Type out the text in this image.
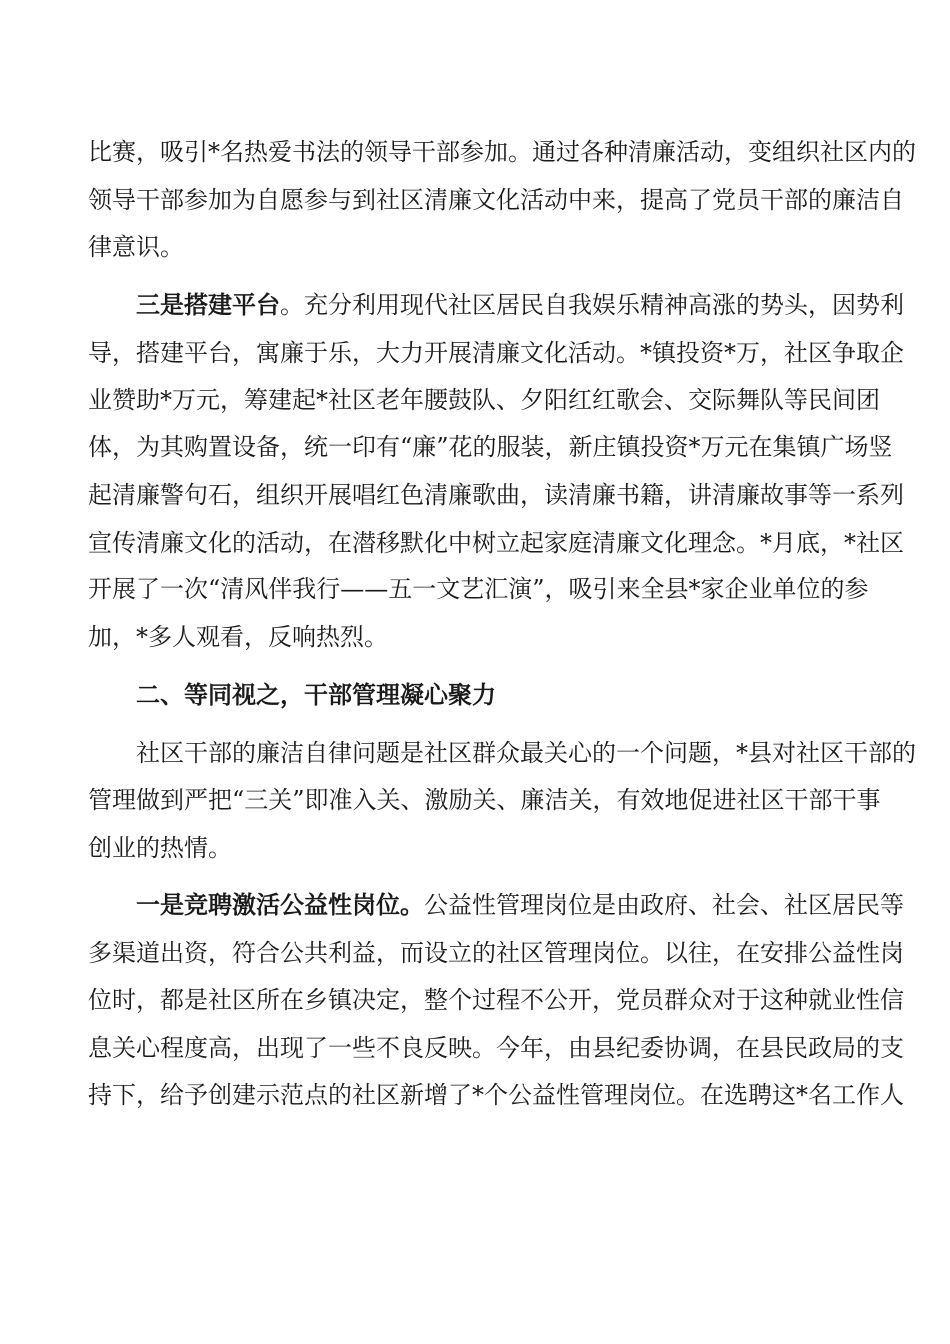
比赛，吸引*名热爱书法的领导干部参加。通过各种清廉活动，变组织社区内的
领导干部参加为自愿参与到社区清廉文化活动中来，提高了党员干部的廉洁自
律意识。
三是搭建平台。充分利用现代社区居民自我娱乐精神高涨的势头，因势利
导，搭建平台，寓廉于乐，大力开展清廉文化活动。*镇投资*万，社区争取企
业赞助*万元，筹建起*社区老年腰鼓队、夕阳红红歌会、交际舞队等民间团
体，为其购置设备，统一印有“廉”花的服装，新庄镇投资*万元在集镇广场竖
起清廉警句石，组织开展唱红色清廉歌曲，读清廉书籍，讲清廉故事等一系列
宣传清廉文化的活动，在潜移默化中树立起家庭清廉文化理念。*月底，*社区
开展了一次“清风伴我行——五一文艺汇演”，吸引来全县*家企业单位的参
加，*多人观看，反响热烈。
二、等同视之，干部管理凝心聚力
社区干部的廉洁自律问题是社区群众最关心的一个问题，*县对社区干部的
管理做到严把“三关”即准入关、激励关、廉洁关，有效地促进社区干部干事
创业的热情。
一是竞聘激活公益性岗位。公益性管理岗位是由政府、社会、社区居民等
多渠道出资，符合公共利益，而设立的社区管理岗位。以往，在安排公益性岗
位时，都是社区所在乡镇决定，整个过程不公开，党员群众对于这种就业性信
息关心程度高，出现了一些不良反映。今年，由县纪委协调，在县民政局的支
持下，给予创建示范点的社区新增了*个公益性管理岗位。在选聘这*名工作人
